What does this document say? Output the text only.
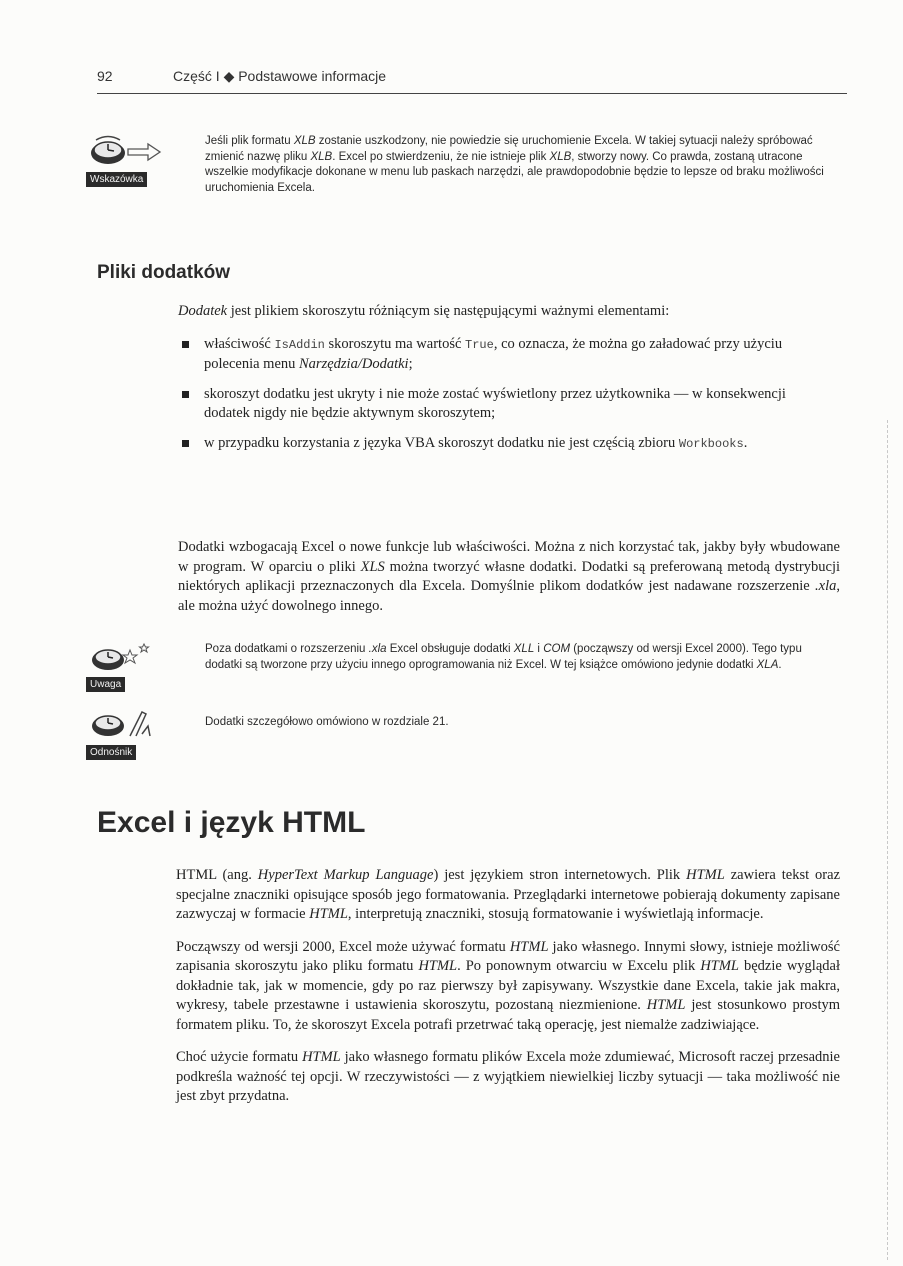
92	Część I ◆ Podstawowe informacje
Wskazówka

Jeśli plik formatu XLB zostanie uszkodzony, nie powiedzie się uruchomienie Excela. W takiej sytuacji należy spróbować zmienić nazwę pliku XLB. Excel po stwierdzeniu, że nie istnieje plik XLB, stworzy nowy. Co prawda, zostaną utracone wszelkie modyfikacje dokonane w menu lub paskach narzędzi, ale prawdopodobnie będzie to lepsze od braku możliwości uruchomienia Excela.

Pliki dodatków

Dodatek jest plikiem skoroszytu różniącym się następującymi ważnymi elementami:

właściwość IsAddin skoroszytu ma wartość True, co oznacza, że można go załadować przy użyciu polecenia menu Narzędzia/Dodatki;
skoroszyt dodatku jest ukryty i nie może zostać wyświetlony przez użytkownika — w konsekwencji dodatek nigdy nie będzie aktywnym skoroszytem;
w przypadku korzystania z języka VBA skoroszyt dodatku nie jest częścią zbioru Workbooks.

Dodatki wzbogacają Excel o nowe funkcje lub właściwości. Można z nich korzystać tak, jakby były wbudowane w program. W oparciu o pliki XLS można tworzyć własne dodatki. Dodatki są preferowaną metodą dystrybucji niektórych aplikacji przeznaczonych dla Excela. Domyślnie plikom dodatków jest nadawane rozszerzenie .xla, ale można użyć dowolnego innego.

Uwaga

Poza dodatkami o rozszerzeniu .xla Excel obsługuje dodatki XLL i COM (począwszy od wersji Excel 2000). Tego typu dodatki są tworzone przy użyciu innego oprogramowania niż Excel. W tej książce omówiono jedynie dodatki XLA.

Odnośnik

Dodatki szczegółowo omówiono w rozdziale 21.

Excel i język HTML

HTML (ang. HyperText Markup Language) jest językiem stron internetowych. Plik HTML zawiera tekst oraz specjalne znaczniki opisujące sposób jego formatowania. Przeglądarki internetowe pobierają dokumenty zapisane zazwyczaj w formacie HTML, interpretują znaczniki, stosują formatowanie i wyświetlają informacje.

Począwszy od wersji 2000, Excel może używać formatu HTML jako własnego. Innymi słowy, istnieje możliwość zapisania skoroszytu jako pliku formatu HTML. Po ponownym otwarciu w Excelu plik HTML będzie wyglądał dokładnie tak, jak w momencie, gdy po raz pierwszy był zapisywany. Wszystkie dane Excela, takie jak makra, wykresy, tabele przestawne i ustawienia skoroszytu, pozostaną niezmienione. HTML jest stosunkowo prostym formatem pliku. To, że skoroszyt Excela potrafi przetrwać taką operację, jest niemalże zadziwiające.

Choć użycie formatu HTML jako własnego formatu plików Excela może zdumiewać, Microsoft raczej przesadnie podkreśla ważność tej opcji. W rzeczywistości — z wyjątkiem niewielkiej liczby sytuacji — taka możliwość nie jest zbyt przydatna.
